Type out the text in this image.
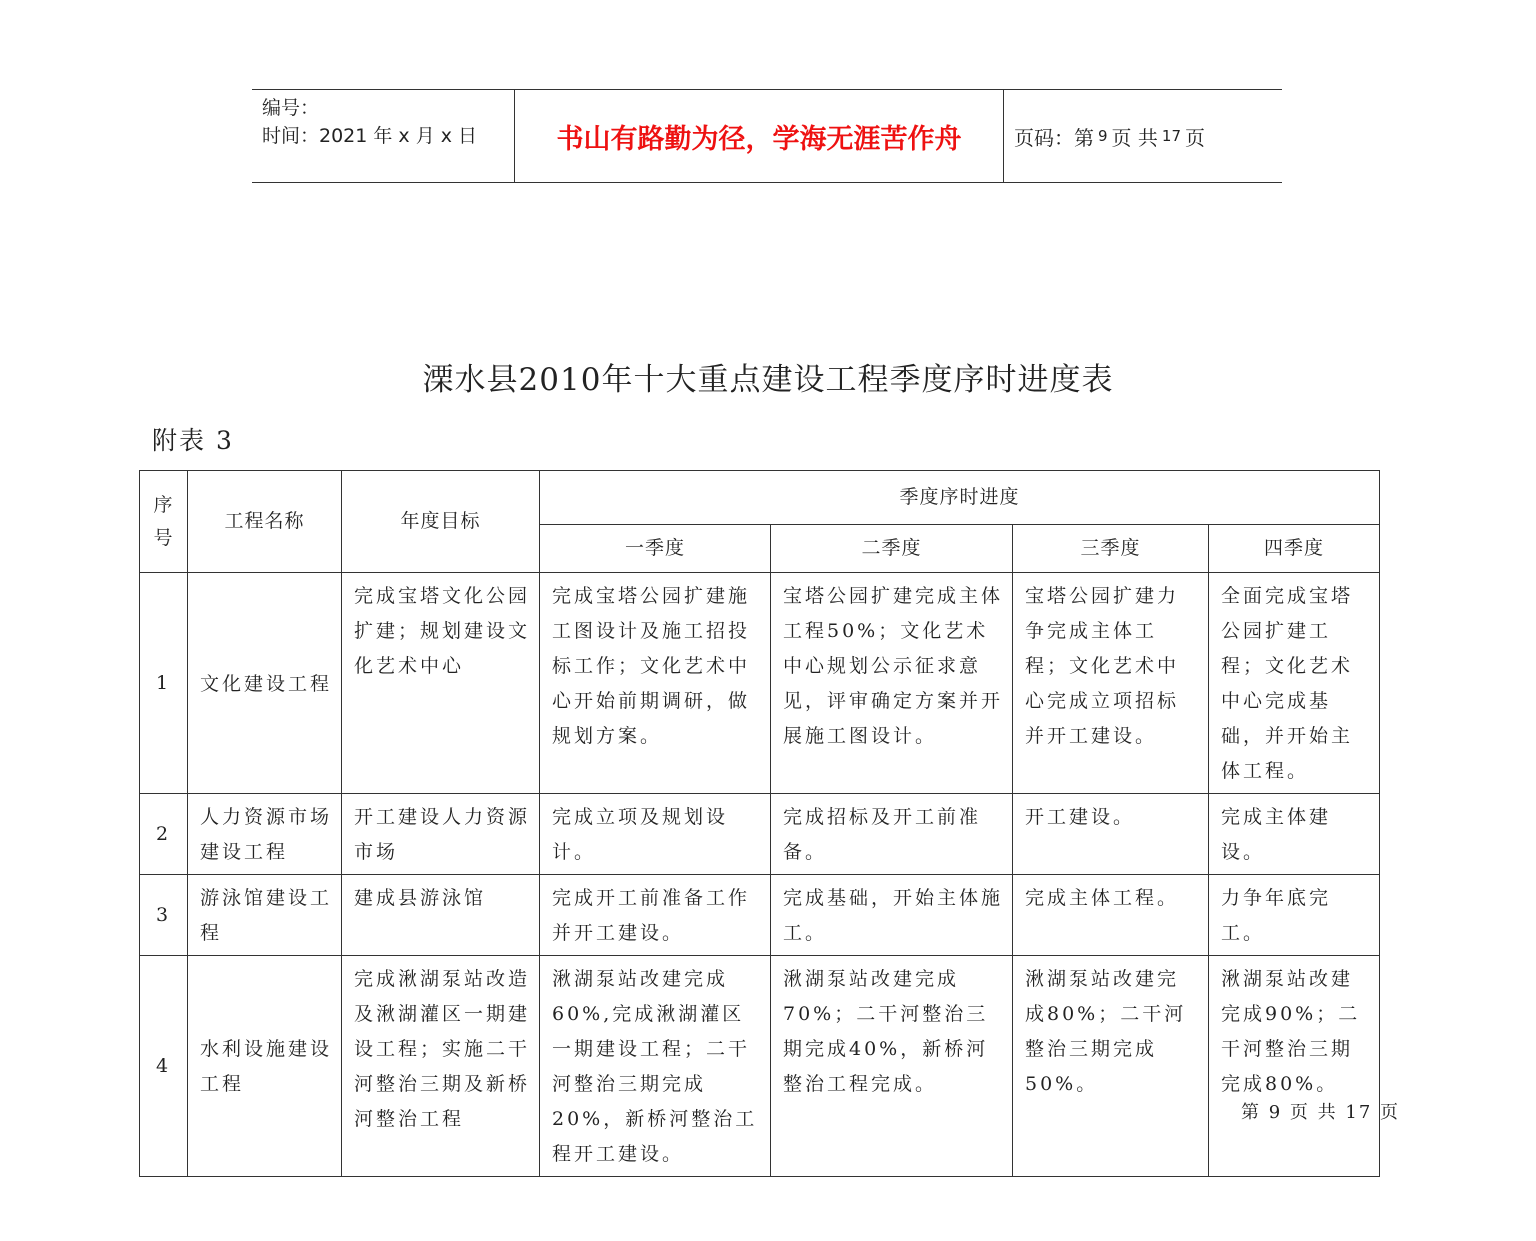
编号：
时间：2021 年 x 月 x 日	书山有路勤为径，学海无涯苦作舟	页码：第 9 页 共 17 页
溧水县2010年十大重点建设工程季度序时进度表
附表 3
序号	工程名称	年度目标	季度序时进度			
			一季度	二季度	三季度	四季度
1	文化建设工程	完成宝塔文化公园扩建；规划建设文化艺术中心	完成宝塔公园扩建施工图设计及施工招投标工作；文化艺术中心开始前期调研，做规划方案。	宝塔公园扩建完成主体工程50%；文化艺术中心规划公示征求意见，评审确定方案并开展施工图设计。	宝塔公园扩建力争完成主体工程；文化艺术中心完成立项招标并开工建设。	全面完成宝塔公园扩建工程；文化艺术中心完成基础，并开始主体工程。

2	人力资源市场建设工程	开工建设人力资源市场	完成立项及规划设计。	完成招标及开工前准备。	开工建设。	完成主体建设。

3	游泳馆建设工程	建成县游泳馆	完成开工前准备工作并开工建设。	完成基础，开始主体施工。	完成主体工程。	力争年底完工。

4	水利设施建设工程	完成湫湖泵站改造及湫湖灌区一期建设工程；实施二干河整治三期及新桥河整治工程	湫湖泵站改建完成60%,完成湫湖灌区一期建设工程；二干河整治三期完成20%，新桥河整治工程开工建设。	湫湖泵站改建完成70%；二干河整治三期完成40%，新桥河整治工程完成。	湫湖泵站改建完成80%；二干河整治三期完成50%。	湫湖泵站改建完成90%；二干河整治三期完成80%。
第 9 页 共 17 页
